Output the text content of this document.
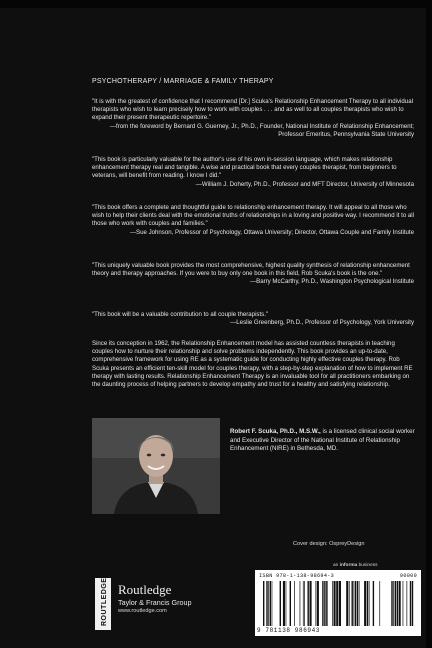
PSYCHOTHERAPY / MARRIAGE & FAMILY THERAPY

"It is with the greatest of confidence that I recommend [Dr.] Scuka's Relationship Enhancement Therapy to all individual therapists who wish to learn precisely how to work with couples . . . and as well to all couples therapists who wish to expand their present therapeutic repertoire."

—from the foreword by Bernard G. Guerney, Jr., Ph.D., Founder, National Institute of Relationship Enhancement; Professor Emeritus, Pennsylvania State University

"This book is particularly valuable for the author's use of his own in-session language, which makes relationship enhancement therapy real and tangible. A wise and practical book that every couples therapist, from beginners to veterans, will benefit from reading. I know I did."

—William J. Doherty, Ph.D., Professor and MFT Director, University of Minnesota

"This book offers a complete and thoughtful guide to relationship enhancement therapy. It will appeal to all those who wish to help their clients deal with the emotional truths of relationships in a loving and positive way. I recommend it to all those who work with couples and families."

—Sue Johnson, Professor of Psychology, Ottawa University; Director, Ottawa Couple and Family Institute

"This uniquely valuable book provides the most comprehensive, highest quality synthesis of relationship enhancement theory and therapy approaches. If you were to buy only one book in this field, Rob Scuka's book is the one."

—Barry McCarthy, Ph.D., Washington Psychological Institute

"This book will be a valuable contribution to all couple therapists."

—Leslie Greenberg, Ph.D., Professor of Psychology, York University

Since its conception in 1962, the Relationship Enhancement model has assisted countless therapists in teaching couples how to nurture their relationship and solve problems independently. This book provides an up-to-date, comprehensive framework for using RE as a systematic guide for conducting highly effective couples therapy. Rob Scuka presents an efficient ten-skill model for couples therapy, with a step-by-step explanation of how to implement RE therapy with lasting results. Relationship Enhancement Therapy is an invaluable tool for all practitioners embarking on the daunting process of helping partners to develop empathy and trust for a healthy and satisfying relationship.
Robert F. Scuka, Ph.D., M.S.W., is a licensed clinical social worker and Executive Director of the National Institute of Relationship Enhancement (NIRE) in Bethesda, MD.
Cover design: OspreyDesign
an informa business
ISBN 978-1-138-98694-3	90000
9 781138 986943
ROUTLEDGE Routledge
Taylor & Francis Group
www.routledge.com
